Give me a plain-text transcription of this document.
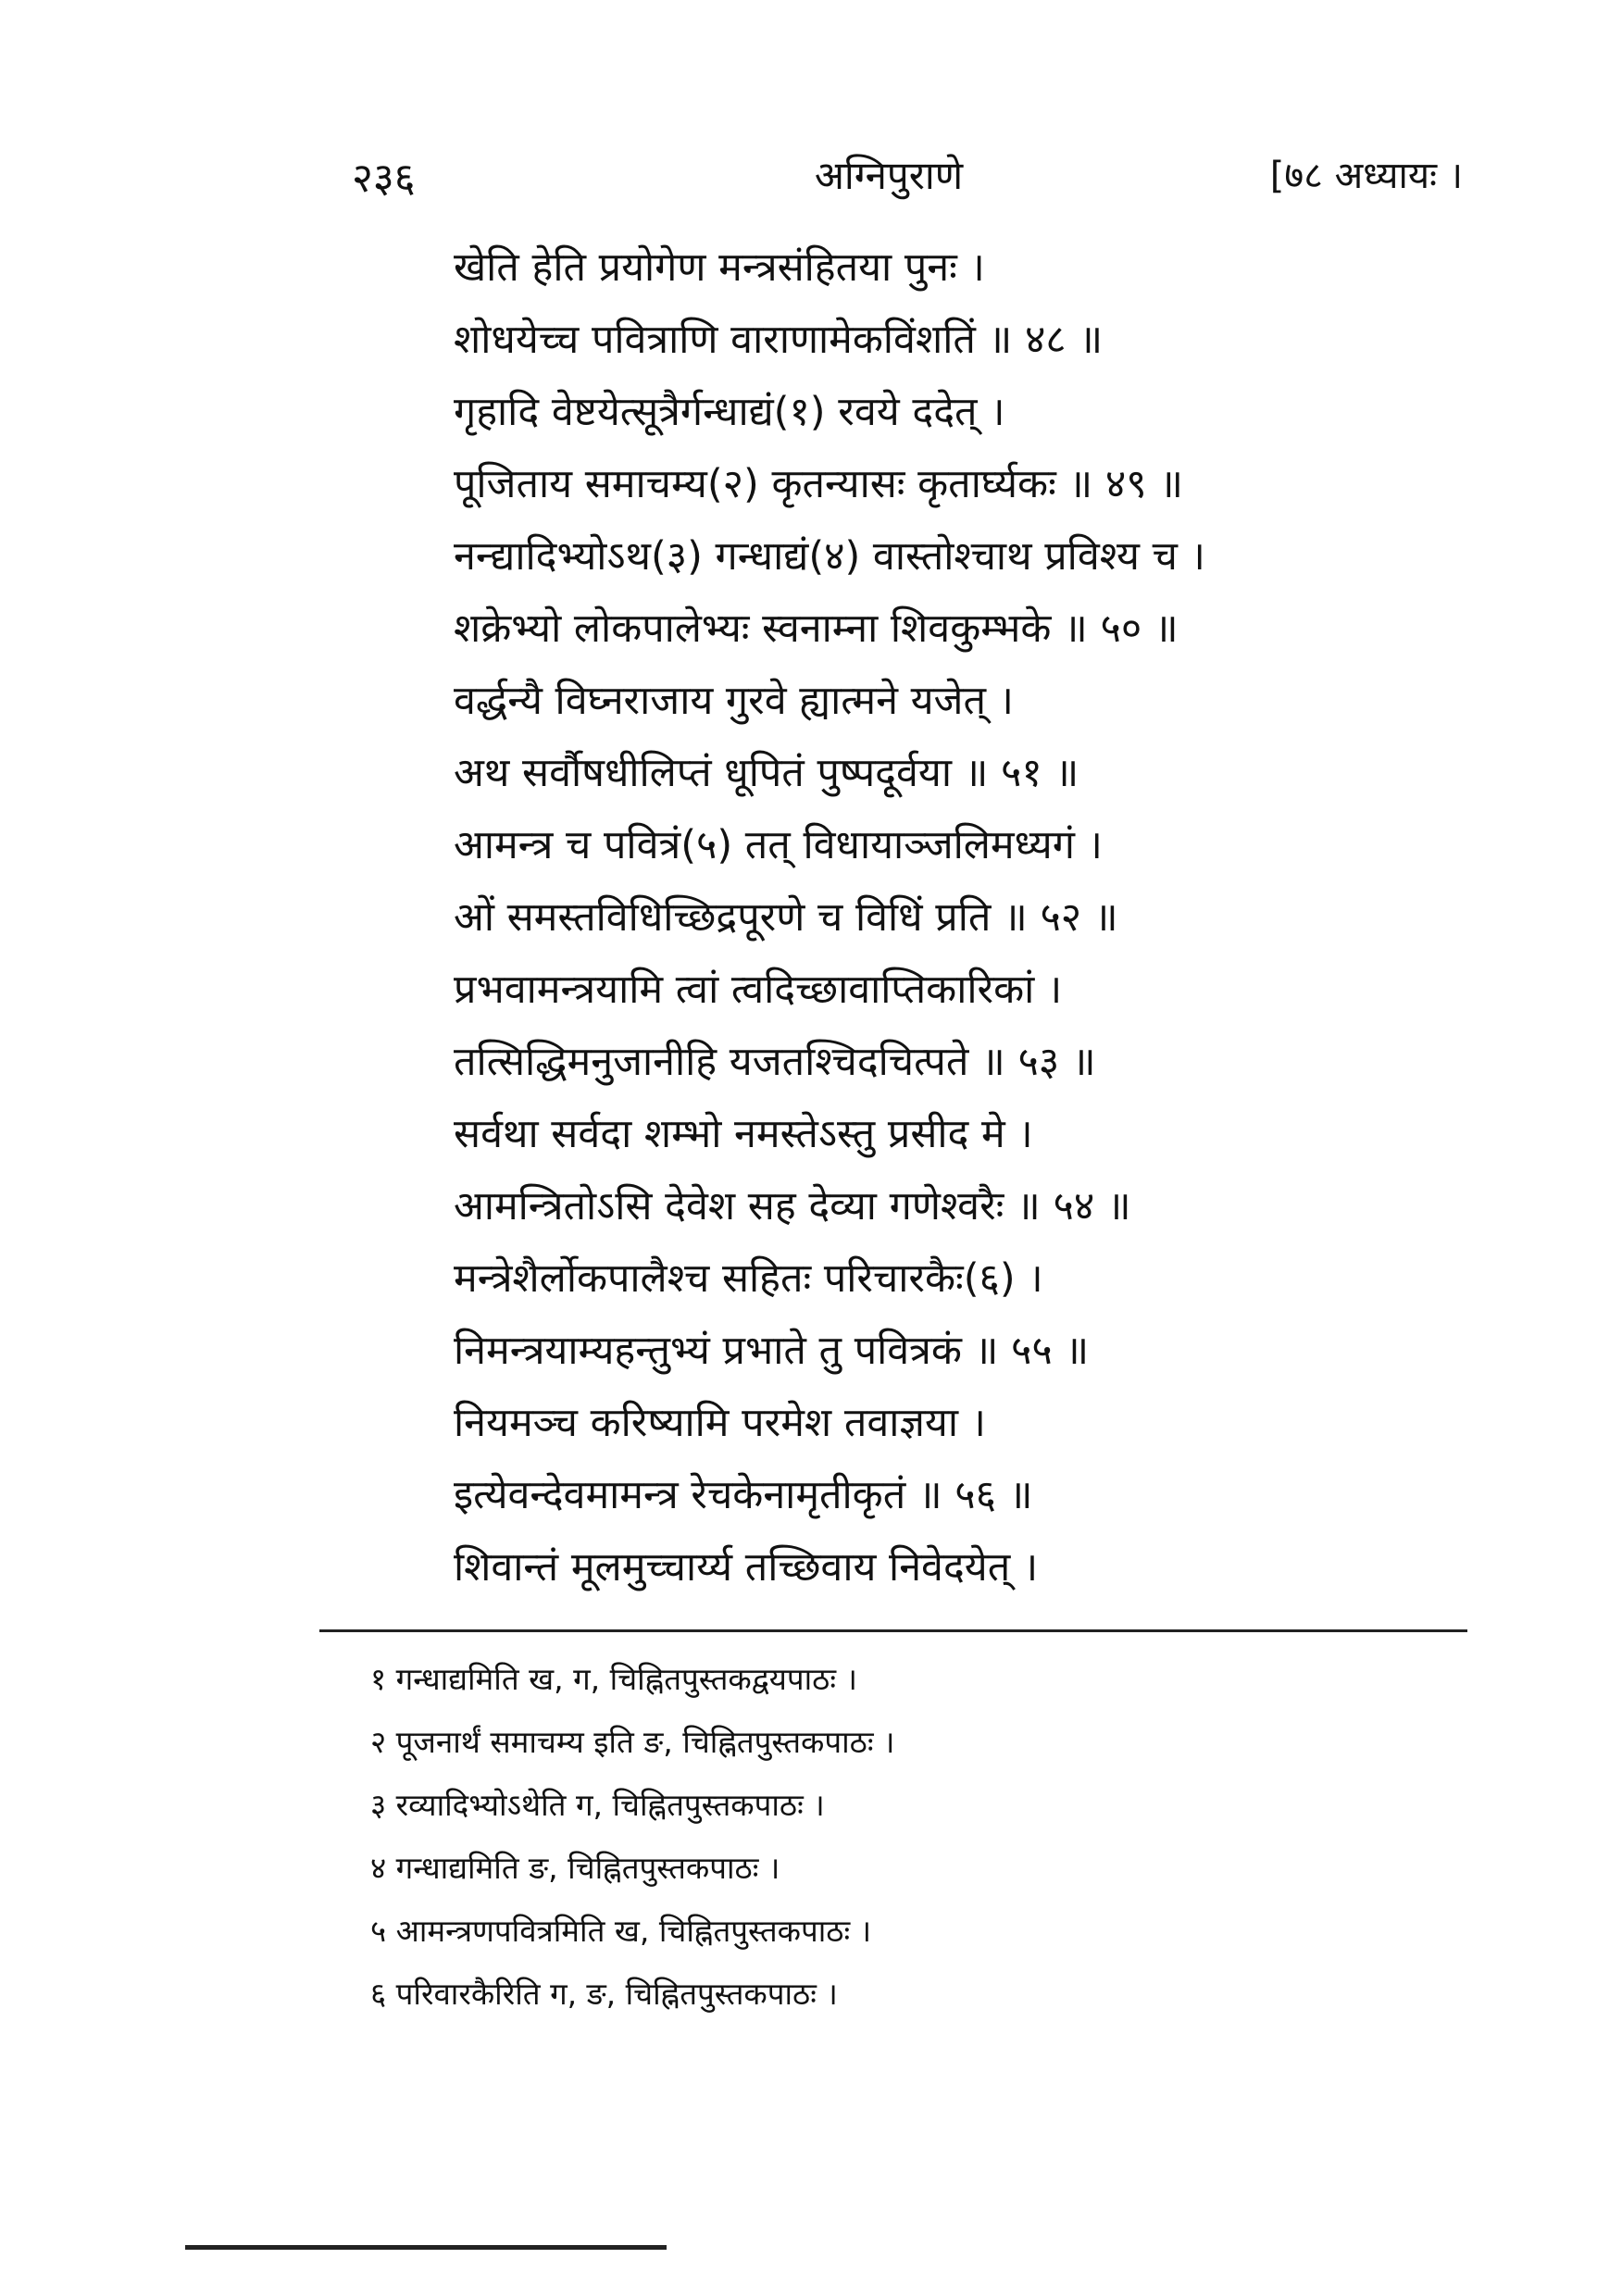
२३६	अग्निपुराणे	[७८ अध्यायः ।
खेति हेति प्रयोगेण मन्त्रसंहितया पुनः ।
शोधयेच्च पवित्राणि वाराणामेकविंशतिं ॥ ४८ ॥
गृहादि वेष्टयेत्सूत्रैर्गन्धाद्यं(१) रवये ददेत् ।
पूजिताय समाचम्य(२) कृतन्यासः कृतार्घ्यकः ॥ ४९ ॥
नन्द्यादिभ्योऽथ(३) गन्धाद्यं(४) वास्तोश्चाथ प्रविश्य च ।
शक्रेभ्यो लोकपालेभ्यः स्वनाम्ना शिवकुम्भके ॥ ५० ॥
वर्द्धन्यै विघ्नराजाय गुरवे ह्यात्मने यजेत् ।
अथ सर्वौषधीलिप्तं धूपितं पुष्पदूर्वया ॥ ५१ ॥
आमन्त्र च पवित्रं(५) तत् विधायाञ्जलिमध्यगं ।
ओं समस्तविधिच्छिद्रपूरणे च विधिं प्रति ॥ ५२ ॥
प्रभवामन्त्रयामि त्वां त्वदिच्छावाप्तिकारिकां ।
तत्सिद्धिमनुजानीहि यजतश्चिदचित्पते ॥ ५३ ॥
सर्वथा सर्वदा शम्भो नमस्तेऽस्तु प्रसीद मे ।
आमन्त्रितोऽसि देवेश सह देव्या गणेश्वरैः ॥ ५४ ॥
मन्त्रेशैर्लोकपालैश्च सहितः परिचारकैः(६) ।
निमन्त्रयाम्यहन्तुभ्यं प्रभाते तु पवित्रकं ॥ ५५ ॥
नियमञ्च करिष्यामि परमेश तवाज्ञया ।
इत्येवन्देवमामन्त्र रेचकेनामृतीकृतं ॥ ५६ ॥
शिवान्तं मूलमुच्चार्य्य तच्छिवाय निवेदयेत् ।
१ गन्धाद्यमिति ख, ग, चिह्नितपुस्तकद्वयपाठः ।
२ पूजनार्थं समाचम्य इति ङ, चिह्नितपुस्तकपाठः ।
३ रव्यादिभ्योऽथेति ग, चिह्नितपुस्तकपाठः ।
४ गन्धाद्यमिति ङ, चिह्नितपुस्तकपाठः ।
५ आमन्त्रणपवित्रमिति ख, चिह्नितपुस्तकपाठः ।
६ परिवारकैरिति ग, ङ, चिह्नितपुस्तकपाठः ।
